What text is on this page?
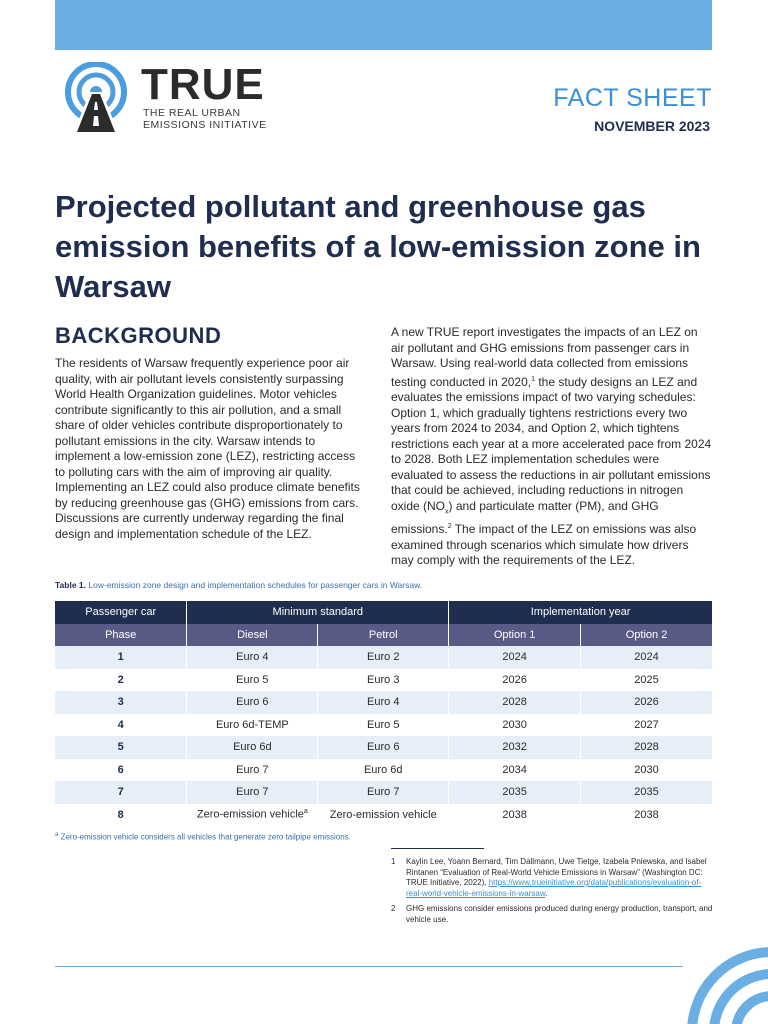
TRUE
THE REAL URBAN
EMISSIONS INITIATIVE
FACT SHEET
NOVEMBER 2023
Projected pollutant and greenhouse gas emission benefits of a low-emission zone in Warsaw
BACKGROUND
The residents of Warsaw frequently experience poor air quality, with air pollutant levels consistently surpassing World Health Organization guidelines. Motor vehicles contribute significantly to this air pollution, and a small share of older vehicles contribute disproportionately to pollutant emissions in the city. Warsaw intends to implement a low-emission zone (LEZ), restricting access to polluting cars with the aim of improving air quality. Implementing an LEZ could also produce climate benefits by reducing greenhouse gas (GHG) emissions from cars. Discussions are currently underway regarding the final design and implementation schedule of the LEZ.
A new TRUE report investigates the impacts of an LEZ on air pollutant and GHG emissions from passenger cars in Warsaw. Using real-world data collected from emissions testing conducted in 2020,$^1$ the study designs an LEZ and evaluates the emissions impact of two varying schedules: Option 1, which gradually tightens restrictions every two years from 2024 to 2034, and Option 2, which tightens restrictions each year at a more accelerated pace from 2024 to 2028. Both LEZ implementation schedules were evaluated to assess the reductions in air pollutant emissions that could be achieved, including reductions in nitrogen oxide $(NO_x)$ and particulate matter (PM), and GHG emissions.$^2$ The impact of the LEZ on emissions was also examined through scenarios which simulate how drivers may comply with the requirements of the LEZ.
Table 1. Low-emission zone design and implementation schedules for passenger cars in Warsaw.
Passenger car	Minimum standard		Implementation year	
Phase	Diesel	Petrol	Option 1	Option 2
1	Euro 4	Euro 2	2024	2024
2	Euro 5	Euro 3	2026	2025
3	Euro 6	Euro 4	2028	2026
4	Euro 6d-TEMP	Euro 5	2030	2027
5	Euro 6d	Euro 6	2032	2028
6	Euro 7	Euro 6d	2034	2030
7	Euro 7	Euro 7	2035	2035
8	Zero-emission vehicle$^a$	Zero-emission vehicle	2038	2038
$^a$ Zero-emission vehicle considers all vehicles that generate zero tailpipe emissions.
1	Kaylin Lee, Yoann Bernard, Tim Dallmann, Uwe Tietge, Izabela Pniewska, and Isabel Rintanen “Evaluation of Real-World Vehicle Emissions in Warsaw” (Washington DC: TRUE Initiative, 2022), https://www.trueinitiative.org/data/publications/evaluation-of-real-world-vehicle-emissions-in-warsaw.
2	GHG emissions consider emissions produced during energy production, transport, and vehicle use.
